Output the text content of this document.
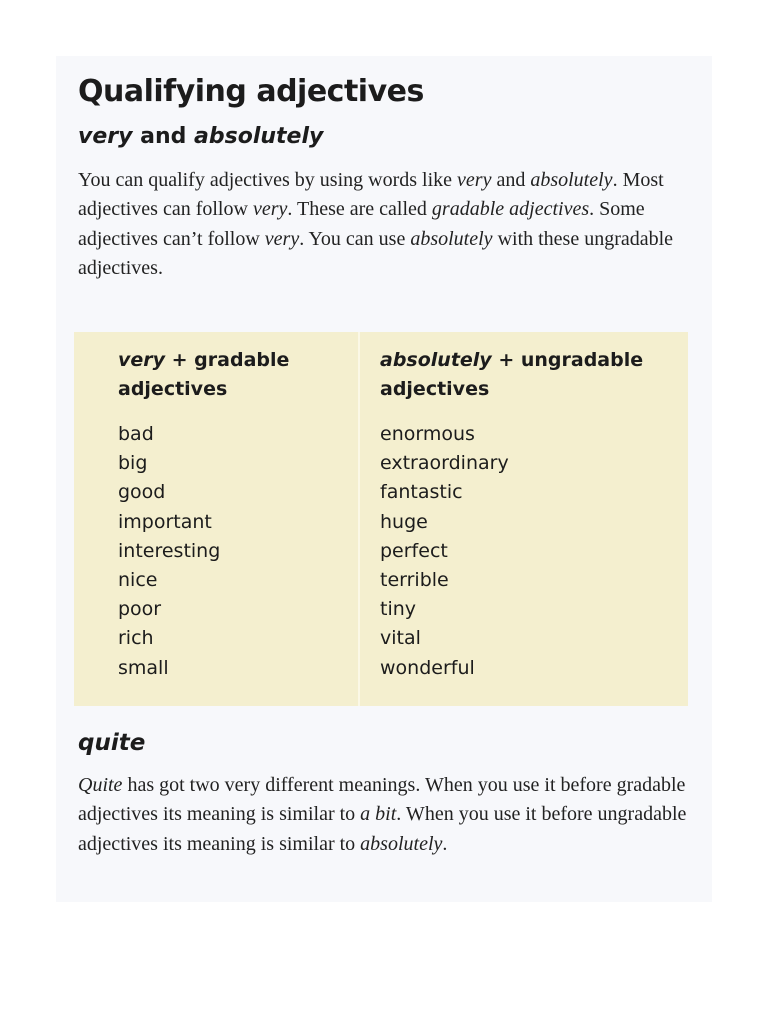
Qualifying adjectives
very and absolutely

You can qualify adjectives by using words like very and absolutely. Most adjectives can follow very. These are called gradable adjectives. Some adjectives can’t follow very. You can use absolutely with these ungradable adjectives.

very + gradable adjectives

bad

big

good

important

interesting

nice

poor

rich

small

absolutely + ungradable adjectives

enormous

extraordinary

fantastic

huge

perfect

terrible

tiny

vital

wonderful

quite

Quite has got two very different meanings. When you use it before gradable adjectives its meaning is similar to a bit. When you use it before ungradable adjectives its meaning is similar to absolutely.
